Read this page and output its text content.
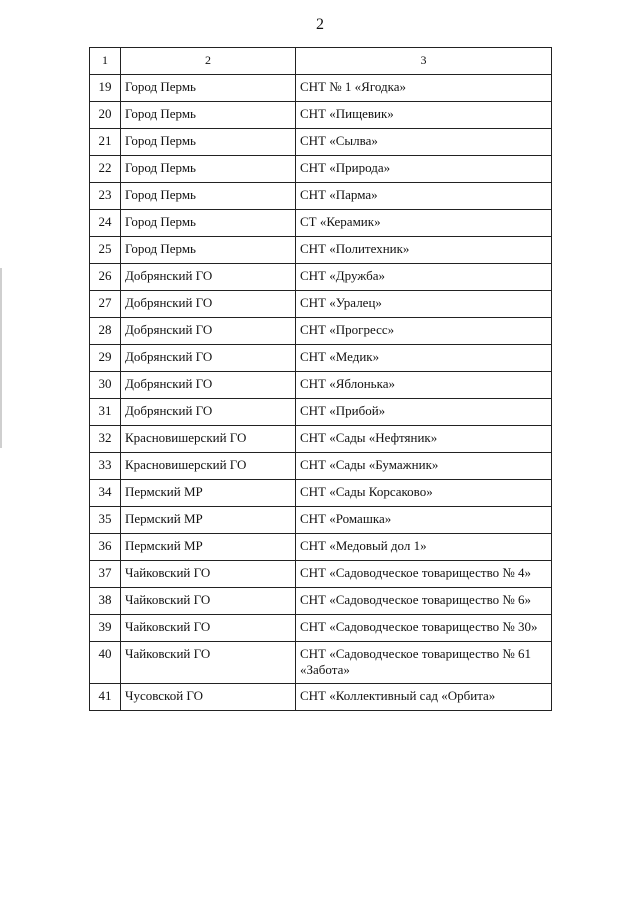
2
1	2	3
19	Город Пермь	СНТ № 1 «Ягодка»
20	Город Пермь	СНТ «Пищевик»
21	Город Пермь	СНТ «Сылва»
22	Город Пермь	СНТ «Природа»
23	Город Пермь	СНТ «Парма»
24	Город Пермь	СТ «Керамик»
25	Город Пермь	СНТ «Политехник»
26	Добрянский ГО	СНТ «Дружба»
27	Добрянский ГО	СНТ «Уралец»
28	Добрянский ГО	СНТ «Прогресс»
29	Добрянский ГО	СНТ «Медик»
30	Добрянский ГО	СНТ «Яблонька»
31	Добрянский ГО	СНТ «Прибой»
32	Красновишерский ГО	СНТ «Сады «Нефтяник»
33	Красновишерский ГО	СНТ «Сады «Бумажник»
34	Пермский МР	СНТ «Сады Корсаково»
35	Пермский МР	СНТ «Ромашка»
36	Пермский МР	СНТ «Медовый дол 1»
37	Чайковский ГО	СНТ «Садоводческое товарищество № 4»
38	Чайковский ГО	СНТ «Садоводческое товарищество № 6»
39	Чайковский ГО	СНТ «Садоводческое товарищество № 30»
40	Чайковский ГО	СНТ «Садоводческое товарищество № 61 «Забота»
41	Чусовской ГО	СНТ «Коллективный сад «Орбита»
